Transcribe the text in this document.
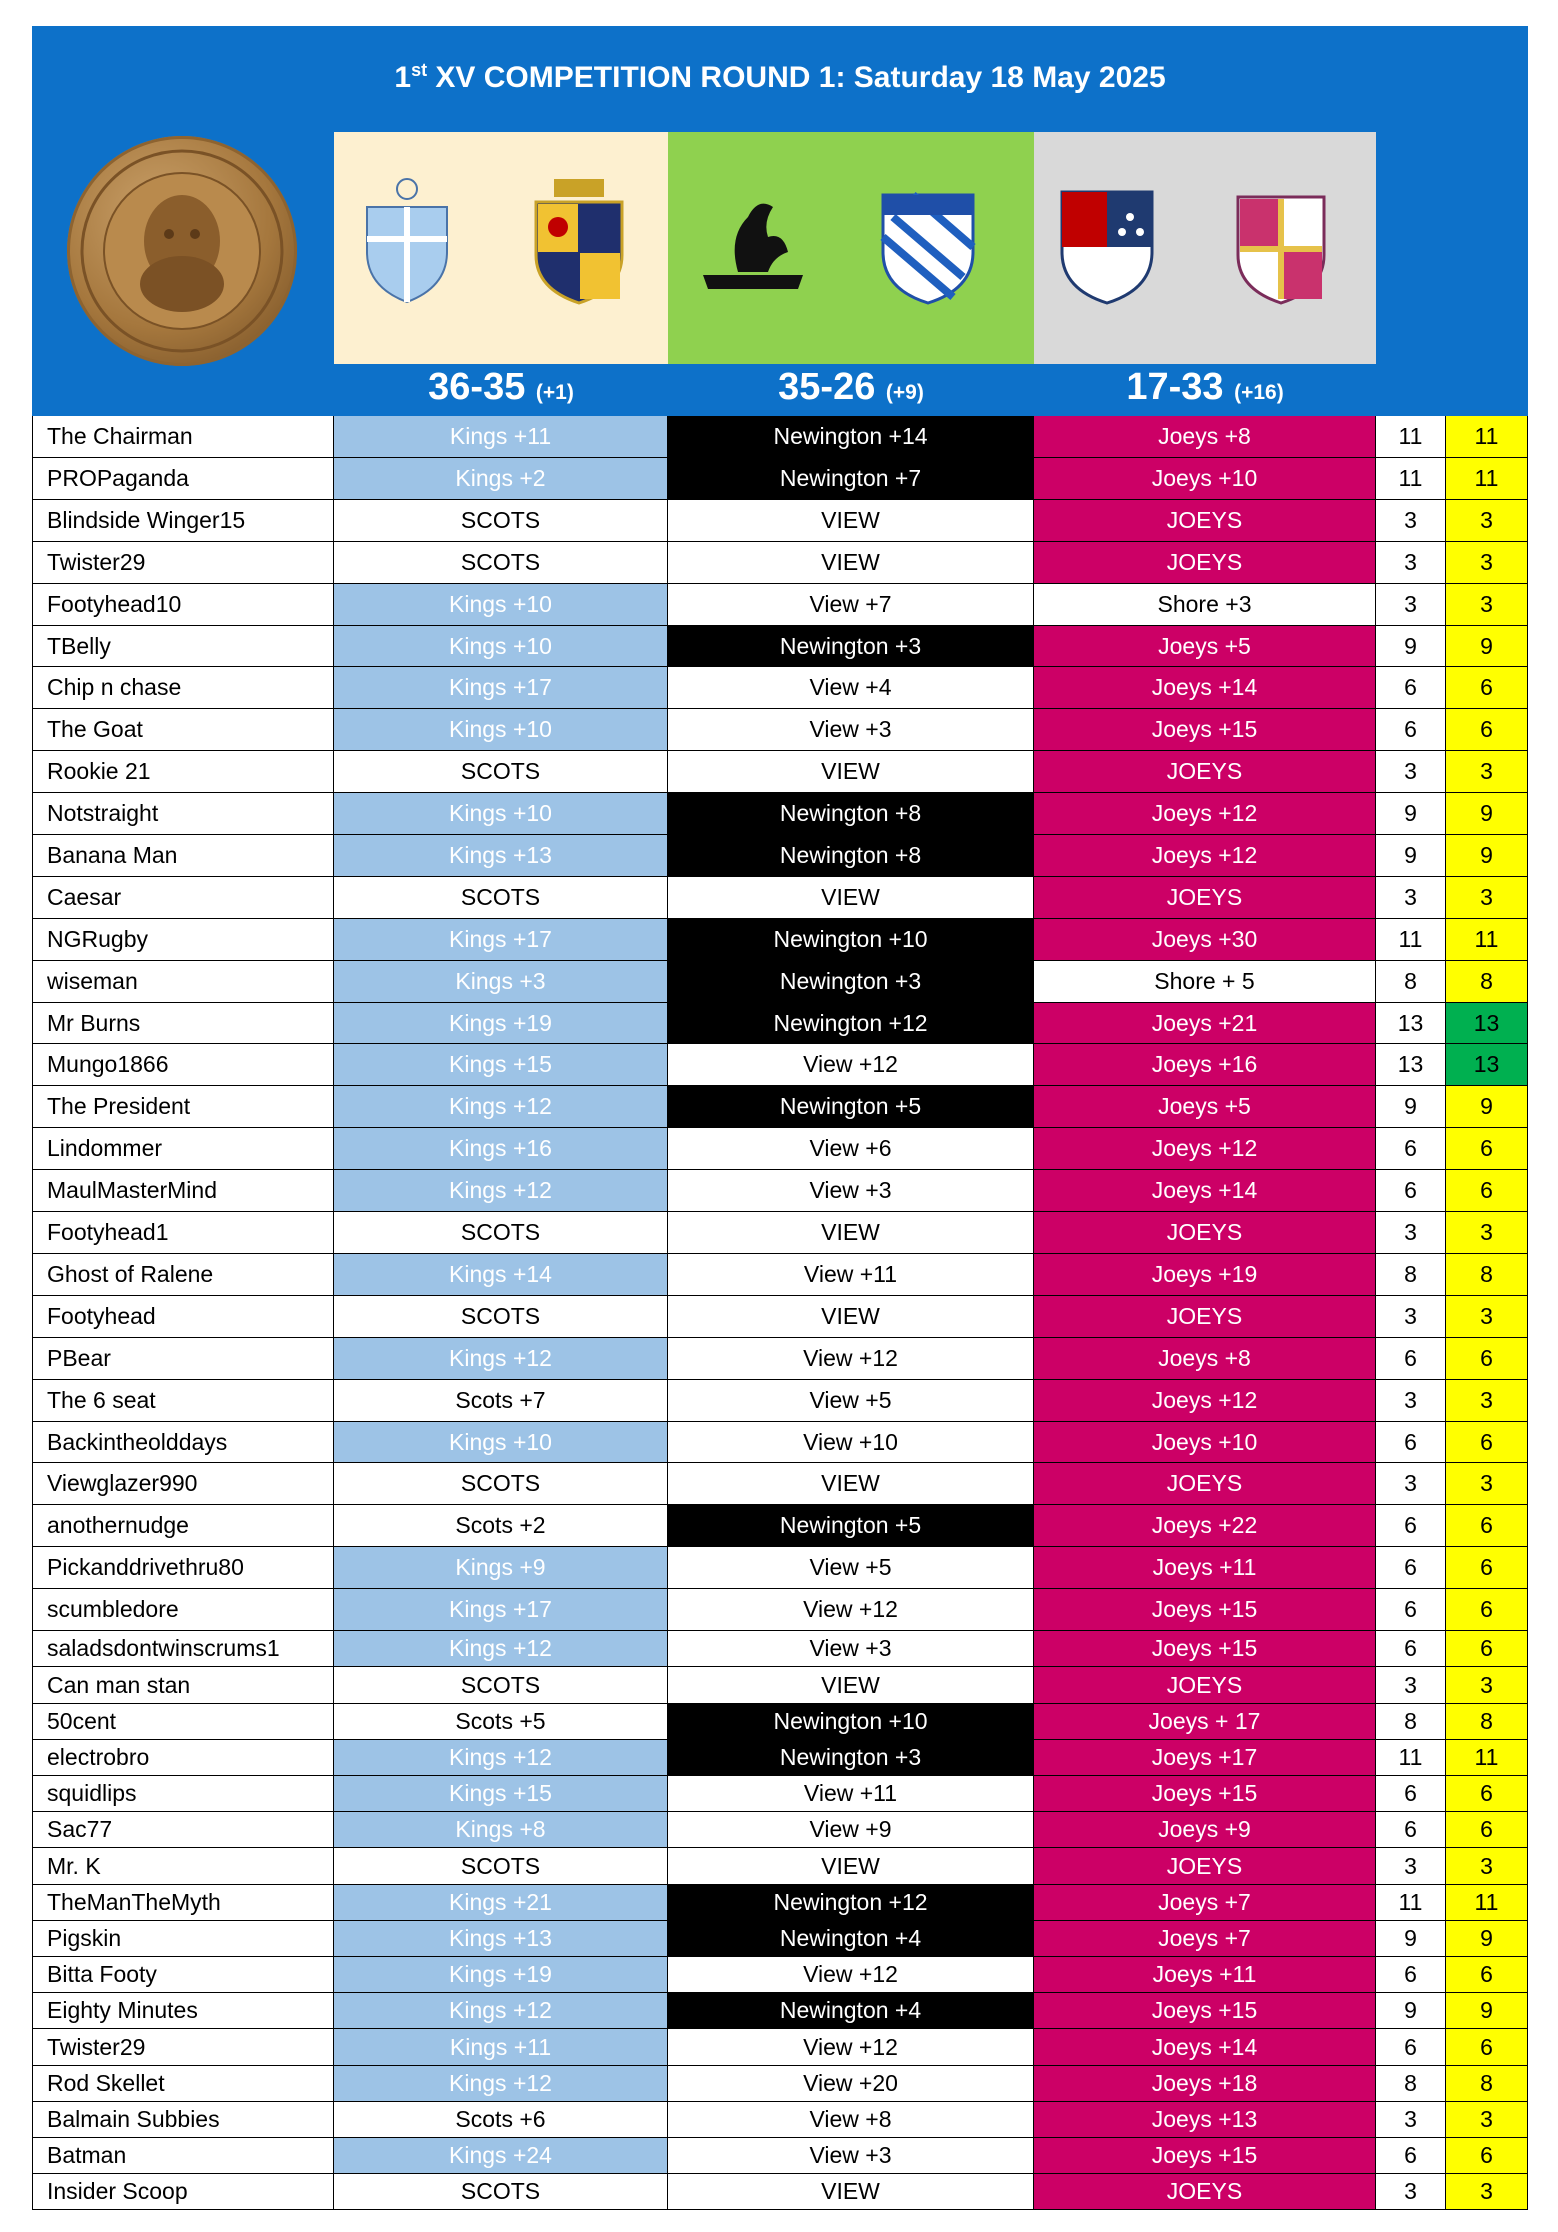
1st XV COMPETITION ROUND 1: Saturday 18 May 2025
36-35 (+1)	35-26 (+9)	17-33 (+16)
The Chairman	Kings +11	Newington +14	Joeys +8	11	11
PROPaganda	Kings +2	Newington +7	Joeys +10	11	11
Blindside Winger15	SCOTS	VIEW	JOEYS	3	3
Twister29	SCOTS	VIEW	JOEYS	3	3
Footyhead10	Kings +10	View +7	Shore +3	3	3
TBelly	Kings +10	Newington +3	Joeys +5	9	9
Chip n chase	Kings +17	View +4	Joeys +14	6	6
The Goat	Kings +10	View +3	Joeys +15	6	6
Rookie 21	SCOTS	VIEW	JOEYS	3	3
Notstraight	Kings +10	Newington +8	Joeys +12	9	9
Banana Man	Kings +13	Newington +8	Joeys +12	9	9
Caesar	SCOTS	VIEW	JOEYS	3	3
NGRugby	Kings +17	Newington +10	Joeys +30	11	11
wiseman	Kings +3	Newington +3	Shore + 5	8	8
Mr Burns	Kings +19	Newington +12	Joeys +21	13	13
Mungo1866	Kings +15	View +12	Joeys +16	13	13
The President	Kings +12	Newington +5	Joeys +5	9	9
Lindommer	Kings +16	View +6	Joeys +12	6	6
MaulMasterMind	Kings +12	View +3	Joeys +14	6	6
Footyhead1	SCOTS	VIEW	JOEYS	3	3
Ghost of Ralene	Kings +14	View +11	Joeys +19	8	8
Footyhead	SCOTS	VIEW	JOEYS	3	3
PBear	Kings +12	View +12	Joeys +8	6	6
The 6 seat	Scots +7	View +5	Joeys +12	3	3
Backintheolddays	Kings +10	View +10	Joeys +10	6	6
Viewglazer990	SCOTS	VIEW	JOEYS	3	3
anothernudge	Scots +2	Newington +5	Joeys +22	6	6
Pickanddrivethru80	Kings +9	View +5	Joeys +11	6	6
scumbledore	Kings +17	View +12	Joeys +15	6	6
saladsdontwinscrums1	Kings +12	View +3	Joeys +15	6	6
Can man stan	SCOTS	VIEW	JOEYS	3	3
50cent	Scots +5	Newington +10	Joeys + 17	8	8
electrobro	Kings +12	Newington +3	Joeys +17	11	11
squidlips	Kings +15	View +11	Joeys +15	6	6
Sac77	Kings +8	View +9	Joeys +9	6	6
Mr. K	SCOTS	VIEW	JOEYS	3	3
TheManTheMyth	Kings +21	Newington +12	Joeys +7	11	11
Pigskin	Kings +13	Newington +4	Joeys +7	9	9
Bitta Footy	Kings +19	View +12	Joeys +11	6	6
Eighty Minutes	Kings +12	Newington +4	Joeys +15	9	9
Twister29	Kings +11	View +12	Joeys +14	6	6
Rod Skellet	Kings +12	View +20	Joeys +18	8	8
Balmain Subbies	Scots +6	View +8	Joeys +13	3	3
Batman	Kings +24	View +3	Joeys +15	6	6
Insider Scoop	SCOTS	VIEW	JOEYS	3	3
